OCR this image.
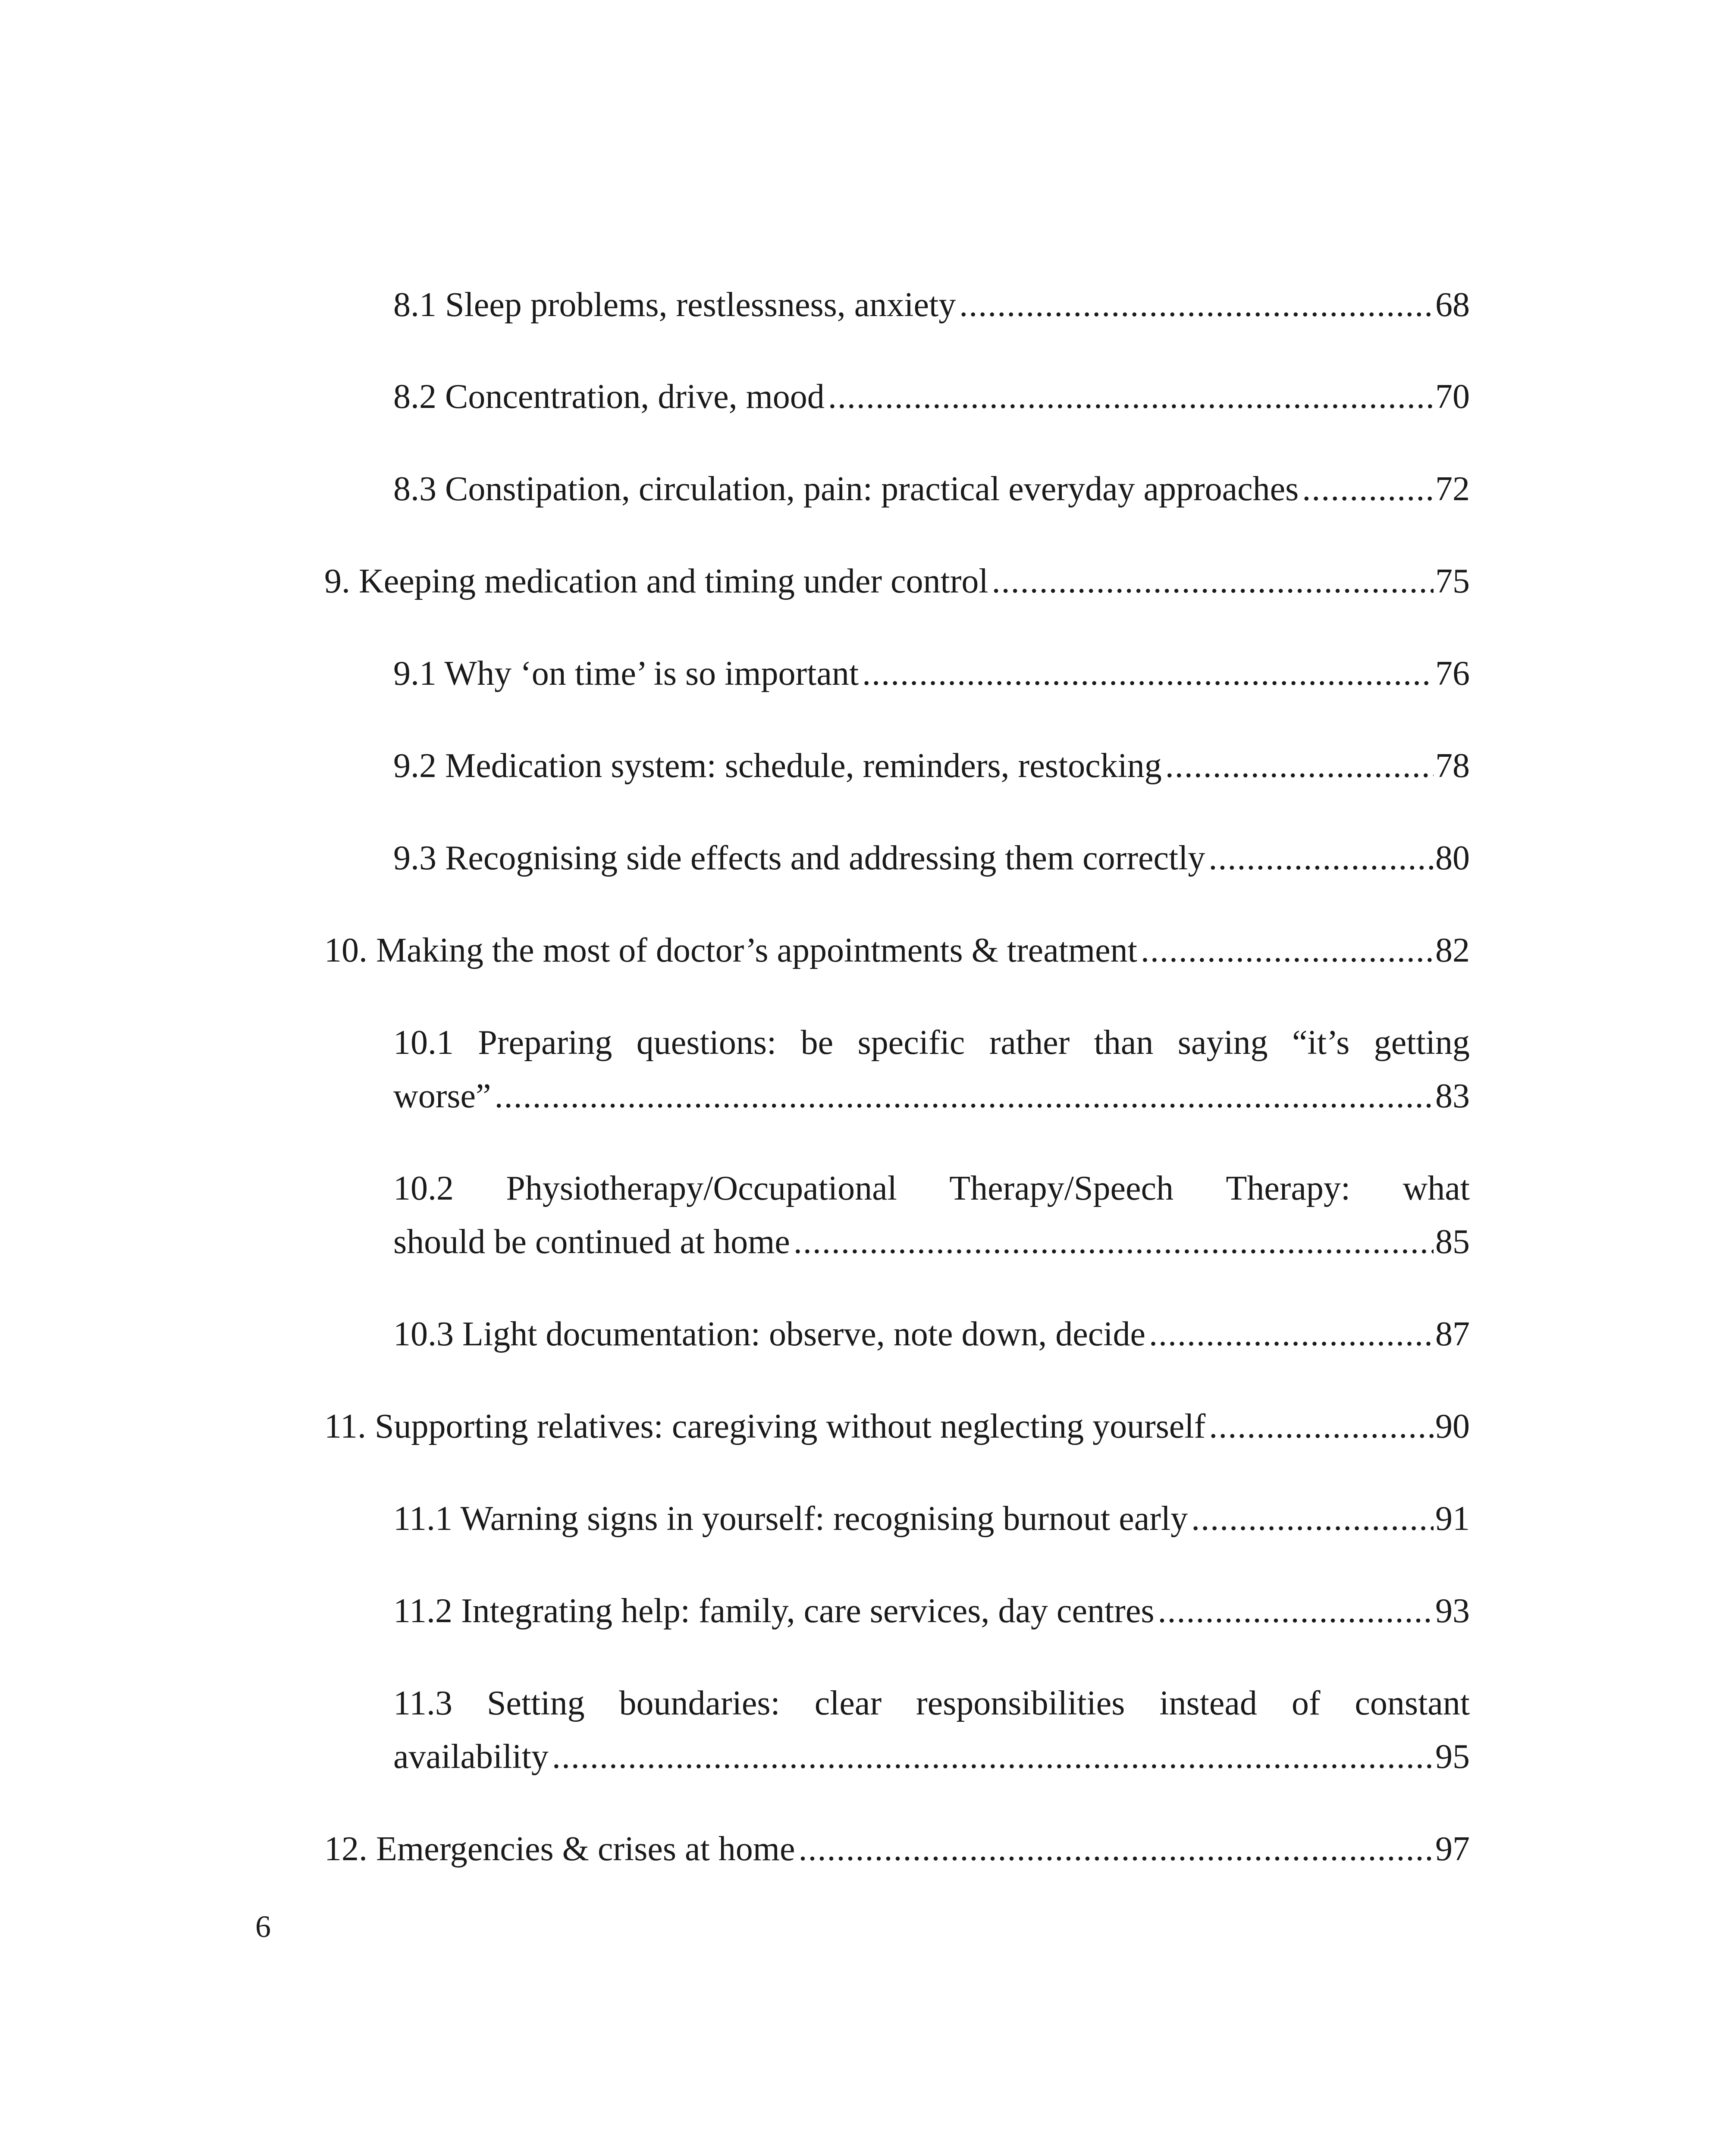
8.1 Sleep problems, restlessness, anxiety .....	68
8.2 Concentration, drive, mood .....	70
8.3 Constipation, circulation, pain: practical everyday approaches .....	72
9. Keeping medication and timing under control .....	75
9.1 Why ‘on time’ is so important .....	76
9.2 Medication system: schedule, reminders, restocking .....	78
9.3 Recognising side effects and addressing them correctly .....	80
10. Making the most of doctor’s appointments & treatment .....	82
10.1 Preparing questions: be specific rather than saying “it’s getting
worse” .....	83
10.2 Physiotherapy/Occupational Therapy/Speech Therapy: what
should be continued at home .....	85
10.3 Light documentation: observe, note down, decide .....	87
11. Supporting relatives: caregiving without neglecting yourself .....	90
11.1 Warning signs in yourself: recognising burnout early .....	91
11.2 Integrating help: family, care services, day centres .....	93
11.3 Setting boundaries: clear responsibilities instead of constant
availability .....	95
12. Emergencies & crises at home .....	97
6
